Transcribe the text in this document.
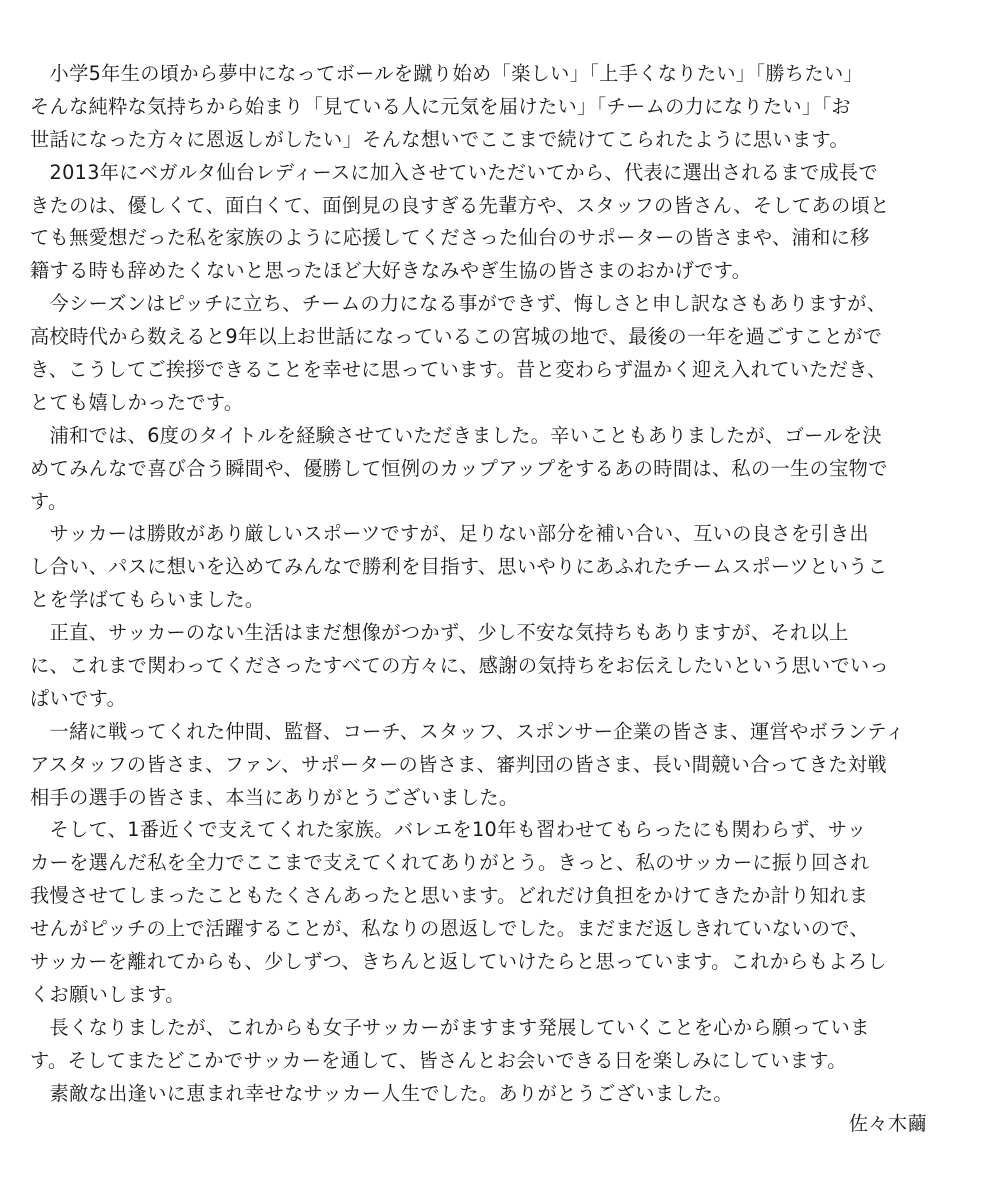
　小学5年生の頃から夢中になってボールを蹴り始め「楽しい」「上手くなりたい」「勝ちたい」
そんな純粋な気持ちから始まり「見ている人に元気を届けたい」「チームの力になりたい」「お
世話になった方々に恩返しがしたい」そんな想いでここまで続けてこられたように思います。
　2013年にベガルタ仙台レディースに加入させていただいてから、代表に選出されるまで成長で
きたのは、優しくて、面白くて、面倒見の良すぎる先輩方や、スタッフの皆さん、そしてあの頃と
ても無愛想だった私を家族のように応援してくださった仙台のサポーターの皆さまや、浦和に移
籍する時も辞めたくないと思ったほど大好きなみやぎ生協の皆さまのおかげです。
　今シーズンはピッチに立ち、チームの力になる事ができず、悔しさと申し訳なさもありますが、
高校時代から数えると9年以上お世話になっているこの宮城の地で、最後の一年を過ごすことがで
き、こうしてご挨拶できることを幸せに思っています。昔と変わらず温かく迎え入れていただき、
とても嬉しかったです。
　浦和では、6度のタイトルを経験させていただきました。辛いこともありましたが、ゴールを決
めてみんなで喜び合う瞬間や、優勝して恒例のカップアップをするあの時間は、私の一生の宝物で
す。
　サッカーは勝敗があり厳しいスポーツですが、足りない部分を補い合い、互いの良さを引き出
し合い、パスに想いを込めてみんなで勝利を目指す、思いやりにあふれたチームスポーツというこ
とを学ばてもらいました。
　正直、サッカーのない生活はまだ想像がつかず、少し不安な気持ちもありますが、それ以上
に、これまで関わってくださったすべての方々に、感謝の気持ちをお伝えしたいという思いでいっ
ぱいです。
　一緒に戦ってくれた仲間、監督、コーチ、スタッフ、スポンサー企業の皆さま、運営やボランティ
アスタッフの皆さま、ファン、サポーターの皆さま、審判団の皆さま、長い間競い合ってきた対戦
相手の選手の皆さま、本当にありがとうございました。
　そして、1番近くで支えてくれた家族。バレエを10年も習わせてもらったにも関わらず、サッ
カーを選んだ私を全力でここまで支えてくれてありがとう。きっと、私のサッカーに振り回され
我慢させてしまったこともたくさんあったと思います。どれだけ負担をかけてきたか計り知れま
せんがピッチの上で活躍することが、私なりの恩返しでした。まだまだ返しきれていないので、
サッカーを離れてからも、少しずつ、きちんと返していけたらと思っています。これからもよろし
くお願いします。
　長くなりましたが、これからも女子サッカーがますます発展していくことを心から願っていま
す。そしてまたどこかでサッカーを通して、皆さんとお会いできる日を楽しみにしています。
　素敵な出逢いに恵まれ幸せなサッカー人生でした。ありがとうございました。
佐々木繭
